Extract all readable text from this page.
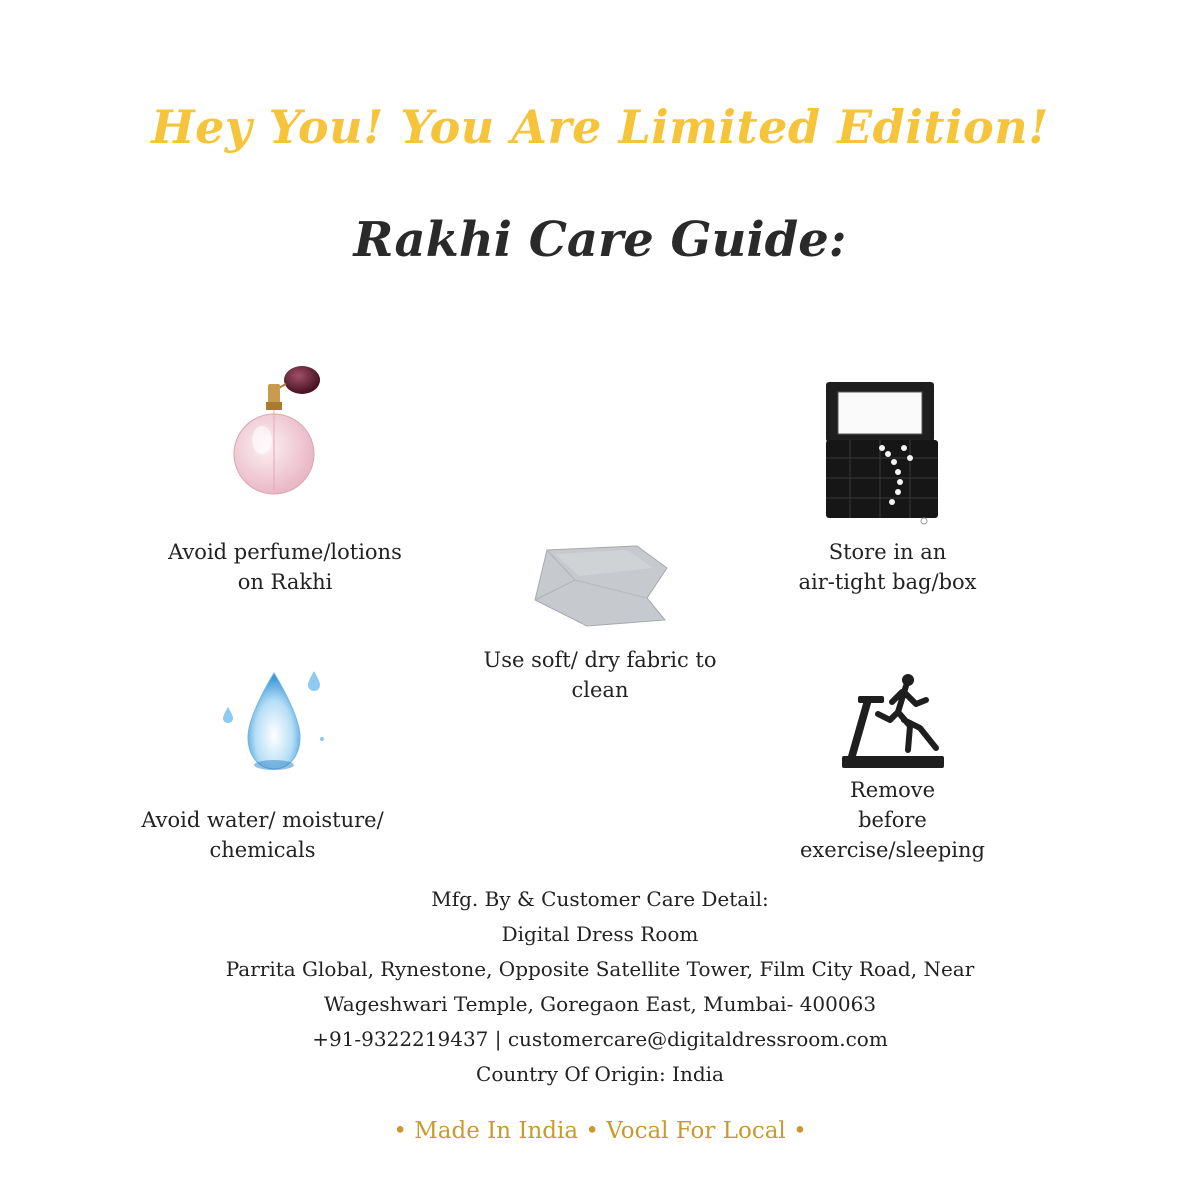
Hey You! You Are Limited Edition!
Rakhi Care Guide:
Avoid perfume/lotions
on Rakhi
Store in an
air-tight bag/box
Use soft/ dry fabric to
clean
Avoid water/ moisture/
chemicals
Remove
before
exercise/sleeping
Mfg. By & Customer Care Detail:
Digital Dress Room
Parrita Global, Rynestone, Opposite Satellite Tower, Film City Road, Near
Wageshwari Temple, Goregaon East, Mumbai- 400063
+91-9322219437 | customercare@digitaldressroom.com
Country Of Origin: India
• Made In India • Vocal For Local •
